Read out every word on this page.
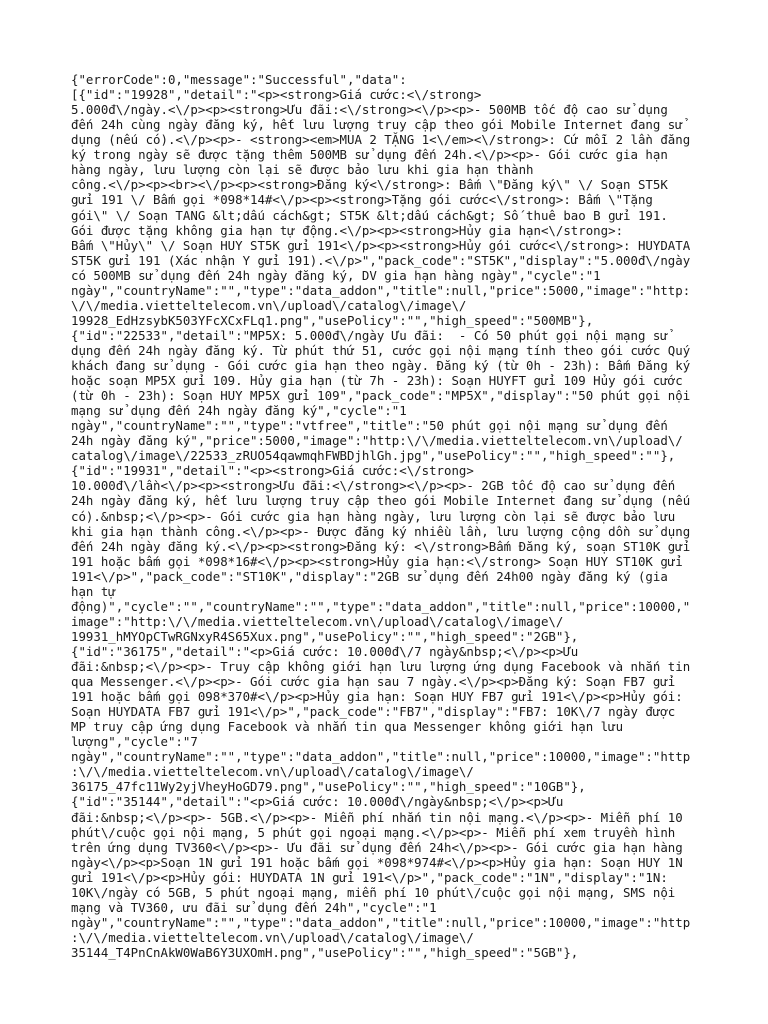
{"errorCode":0,"message":"Successful","data":
[{"id":"19928","detail":"<p><strong>Giá cước:<\/strong>
5.000đ\/ngày.<\/p><p><strong>Ưu đãi:<\/strong><\/p><p>- 500MB tốc độ cao sử dụng
đến 24h cùng ngày đăng ký, hết lưu lượng truy cập theo gói Mobile Internet đang sử
dụng (nếu có).<\/p><p>- <strong><em>MUA 2 TẶNG 1<\/em><\/strong>: Cứ mỗi 2 lần đăng
ký trong ngày sẽ được tặng thêm 500MB sử dụng đến 24h.<\/p><p>- Gói cước gia hạn
hàng ngày, lưu lượng còn lại sẽ được bảo lưu khi gia hạn thành
công.<\/p><p><br><\/p><p><strong>Đăng ký<\/strong>: Bấm \"Đăng ký\" \/ Soạn ST5K
gửi 191 \/ Bấm gọi *098*14#<\/p><p><strong>Tặng gói cước<\/strong>: Bấm \"Tặng
gói\" \/ Soạn TANG &lt;dấu cách&gt; ST5K &lt;dấu cách&gt; Số thuê bao B gửi 191.
Gói được tặng không gia hạn tự động.<\/p><p><strong>Hủy gia hạn<\/strong>:
Bấm \"Hủy\" \/ Soạn HUY ST5K gửi 191<\/p><p><strong>Hủy gói cước<\/strong>: HUYDATA
ST5K gửi 191 (Xác nhận Y gửi 191).<\/p>","pack_code":"ST5K","display":"5.000đ\/ngày
có 500MB sử dụng đến 24h ngày đăng ký, DV gia hạn hàng ngày","cycle":"1
ngày","countryName":"","type":"data_addon","title":null,"price":5000,"image":"http:
\/\/media.vietteltelecom.vn\/upload\/catalog\/image\/
19928_EdHzsybK503YFcXCxFLq1.png","usePolicy":"","high_speed":"500MB"},
{"id":"22533","detail":"MP5X: 5.000đ\/ngày Ưu đãi:  - Có 50 phút gọi nội mạng sử
dụng đến 24h ngày đăng ký. Từ phút thứ 51, cước gọi nội mạng tính theo gói cước Quý
khách đang sử dụng - Gói cước gia hạn theo ngày. Đăng ký (từ 0h - 23h): Bấm Đăng ký
hoặc soạn MP5X gửi 109. Hủy gia hạn (từ 7h - 23h): Soạn HUYFT gửi 109 Hủy gói cước
(từ 0h - 23h): Soạn HUY MP5X gửi 109","pack_code":"MP5X","display":"50 phút gọi nội
mạng sử dụng đến 24h ngày đăng ký","cycle":"1
ngày","countryName":"","type":"vtfree","title":"50 phút gọi nội mạng sử dụng đến
24h ngày đăng ký","price":5000,"image":"http:\/\/media.vietteltelecom.vn\/upload\/
catalog\/image\/22533_zRUO54qawmqhFWBDjhlGh.jpg","usePolicy":"","high_speed":""},
{"id":"19931","detail":"<p><strong>Giá cước:<\/strong>
10.000đ\/lần<\/p><p><strong>Ưu đãi:<\/strong><\/p><p>- 2GB tốc độ cao sử dụng đến
24h ngày đăng ký, hết lưu lượng truy cập theo gói Mobile Internet đang sử dụng (nếu
có).&nbsp;<\/p><p>- Gói cước gia hạn hàng ngày, lưu lượng còn lại sẽ được bảo lưu
khi gia hạn thành công.<\/p><p>- Được đăng ký nhiều lần, lưu lượng cộng dồn sử dụng
đến 24h ngày đăng ký.<\/p><p><strong>Đăng ký: <\/strong>Bấm Đăng ký, soạn ST10K gửi
191 hoặc bấm gọi *098*16#<\/p><p><strong>Hủy gia hạn:<\/strong> Soạn HUY ST10K gửi
191<\/p>","pack_code":"ST10K","display":"2GB sử dụng đến 24h00 ngày đăng ký (gia
hạn tự
động)","cycle":"","countryName":"","type":"data_addon","title":null,"price":10000,"
image":"http:\/\/media.vietteltelecom.vn\/upload\/catalog\/image\/
19931_hMYOpCTwRGNxyR4S65Xux.png","usePolicy":"","high_speed":"2GB"},
{"id":"36175","detail":"<p>Giá cước: 10.000đ\/7 ngày&nbsp;<\/p><p>Ưu
đãi:&nbsp;<\/p><p>- Truy cập không giới hạn lưu lượng ứng dụng Facebook và nhắn tin
qua Messenger.<\/p><p>- Gói cước gia hạn sau 7 ngày.<\/p><p>Đăng ký: Soạn FB7 gửi
191 hoặc bấm gọi 098*370#<\/p><p>Hủy gia hạn: Soạn HUY FB7 gửi 191<\/p><p>Hủy gói:
Soạn HUYDATA FB7 gửi 191<\/p>","pack_code":"FB7","display":"FB7: 10K\/7 ngày được
MP truy cập ứng dụng Facebook và nhắn tin qua Messenger không giới hạn lưu
lượng","cycle":"7
ngày","countryName":"","type":"data_addon","title":null,"price":10000,"image":"http
:\/\/media.vietteltelecom.vn\/upload\/catalog\/image\/
36175_47fc11Wy2yjVheyHoGD79.png","usePolicy":"","high_speed":"10GB"},
{"id":"35144","detail":"<p>Giá cước: 10.000đ\/ngày&nbsp;<\/p><p>Ưu
đãi:&nbsp;<\/p><p>- 5GB.<\/p><p>- Miễn phí nhắn tin nội mạng.<\/p><p>- Miễn phí 10
phút\/cuộc gọi nội mạng, 5 phút gọi ngoại mạng.<\/p><p>- Miễn phí xem truyền hình
trên ứng dụng TV360<\/p><p>- Ưu đãi sử dụng đến 24h<\/p><p>- Gói cước gia hạn hàng
ngày<\/p><p>Soạn 1N gửi 191 hoặc bấm gọi *098*974#<\/p><p>Hủy gia hạn: Soạn HUY 1N
gửi 191<\/p><p>Hủy gói: HUYDATA 1N gửi 191<\/p>","pack_code":"1N","display":"1N:
10K\/ngày có 5GB, 5 phút ngoại mạng, miễn phí 10 phút\/cuộc gọi nội mạng, SMS nội
mạng và TV360, ưu đãi sử dụng đến 24h","cycle":"1
ngày","countryName":"","type":"data_addon","title":null,"price":10000,"image":"http
:\/\/media.vietteltelecom.vn\/upload\/catalog\/image\/
35144_T4PnCnAkW0WaB6Y3UXOmH.png","usePolicy":"","high_speed":"5GB"},
